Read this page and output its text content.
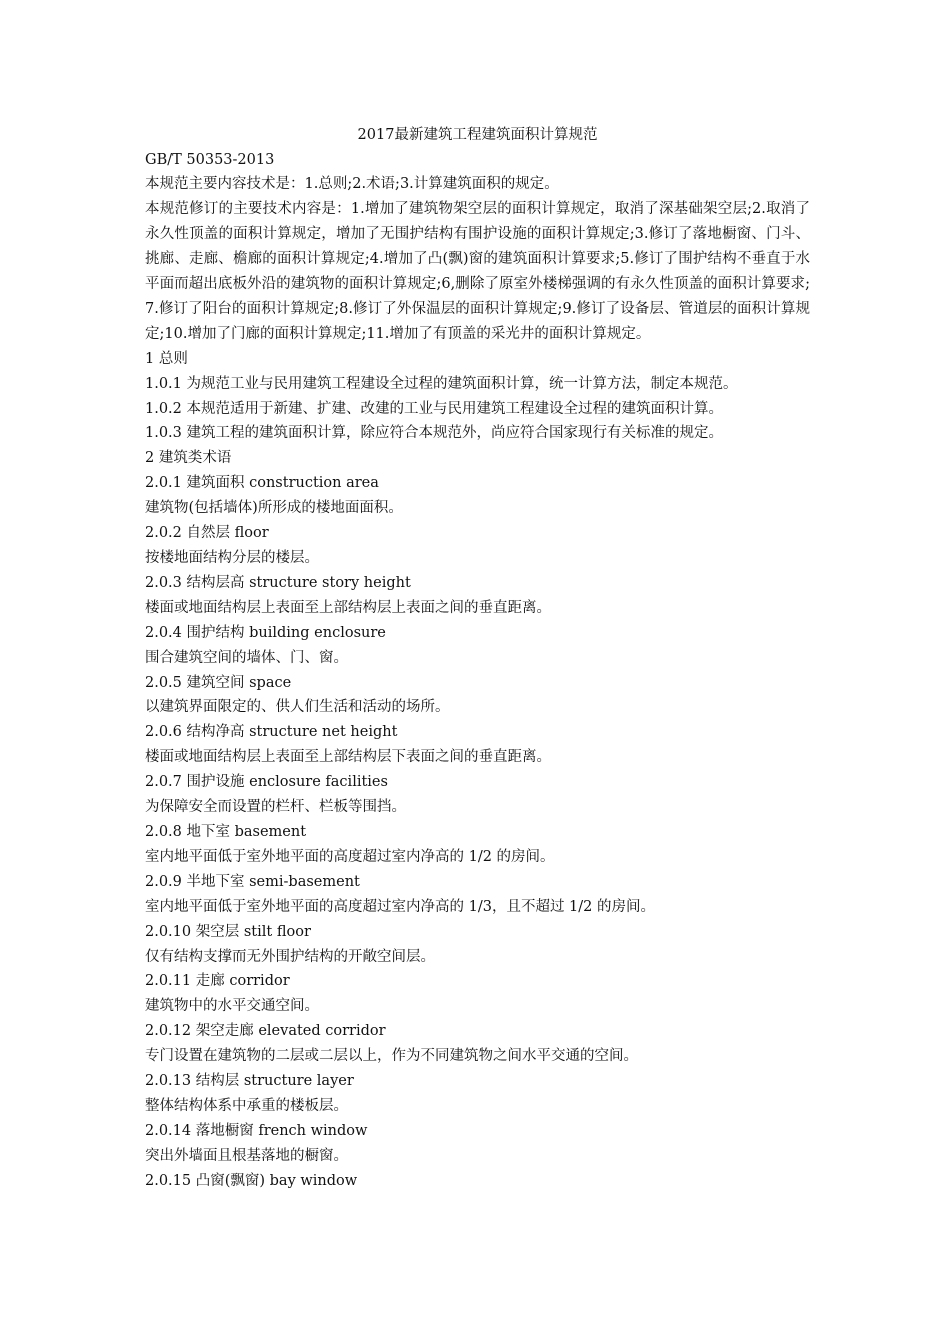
2017最新建筑工程建筑面积计算规范

GB/T 50353-2013

本规范主要内容技术是：1.总则;2.术语;3.计算建筑面积的规定。

本规范修订的主要技术内容是：1.增加了建筑物架空层的面积计算规定，取消了深基础架空层;2.取消了永久性顶盖的面积计算规定，增加了无围护结构有围护设施的面积计算规定;3.修订了落地橱窗、门斗、挑廊、走廊、檐廊的面积计算规定;4.增加了凸(飘)窗的建筑面积计算要求;5.修订了围护结构不垂直于水平面而超出底板外沿的建筑物的面积计算规定;6,删除了原室外楼梯强调的有永久性顶盖的面积计算要求;7.修订了阳台的面积计算规定;8.修订了外保温层的面积计算规定;9.修订了设备层、管道层的面积计算规定;10.增加了门廊的面积计算规定;11.增加了有顶盖的采光井的面积计算规定。

1 总则

1.0.1 为规范工业与民用建筑工程建设全过程的建筑面积计算，统一计算方法，制定本规范。

1.0.2 本规范适用于新建、扩建、改建的工业与民用建筑工程建设全过程的建筑面积计算。

1.0.3 建筑工程的建筑面积计算，除应符合本规范外，尚应符合国家现行有关标准的规定。

2 建筑类术语

2.0.1 建筑面积 construction area

建筑物(包括墙体)所形成的楼地面面积。

2.0.2 自然层 floor

按楼地面结构分层的楼层。

2.0.3 结构层高 structure story height

楼面或地面结构层上表面至上部结构层上表面之间的垂直距离。

2.0.4 围护结构 building enclosure

围合建筑空间的墙体、门、窗。

2.0.5 建筑空间 space

以建筑界面限定的、供人们生活和活动的场所。

2.0.6 结构净高 structure net height

楼面或地面结构层上表面至上部结构层下表面之间的垂直距离。

2.0.7 围护设施 enclosure facilities

为保障安全而设置的栏杆、栏板等围挡。

2.0.8 地下室 basement

室内地平面低于室外地平面的高度超过室内净高的 1/2 的房间。

2.0.9 半地下室 semi-basement

室内地平面低于室外地平面的高度超过室内净高的 1/3，且不超过 1/2 的房间。

2.0.10 架空层 stilt floor

仅有结构支撑而无外围护结构的开敞空间层。

2.0.11 走廊 corridor

建筑物中的水平交通空间。

2.0.12 架空走廊 elevated corridor

专门设置在建筑物的二层或二层以上，作为不同建筑物之间水平交通的空间。

2.0.13 结构层 structure layer

整体结构体系中承重的楼板层。

2.0.14 落地橱窗 french window

突出外墙面且根基落地的橱窗。

2.0.15 凸窗(飘窗) bay window
